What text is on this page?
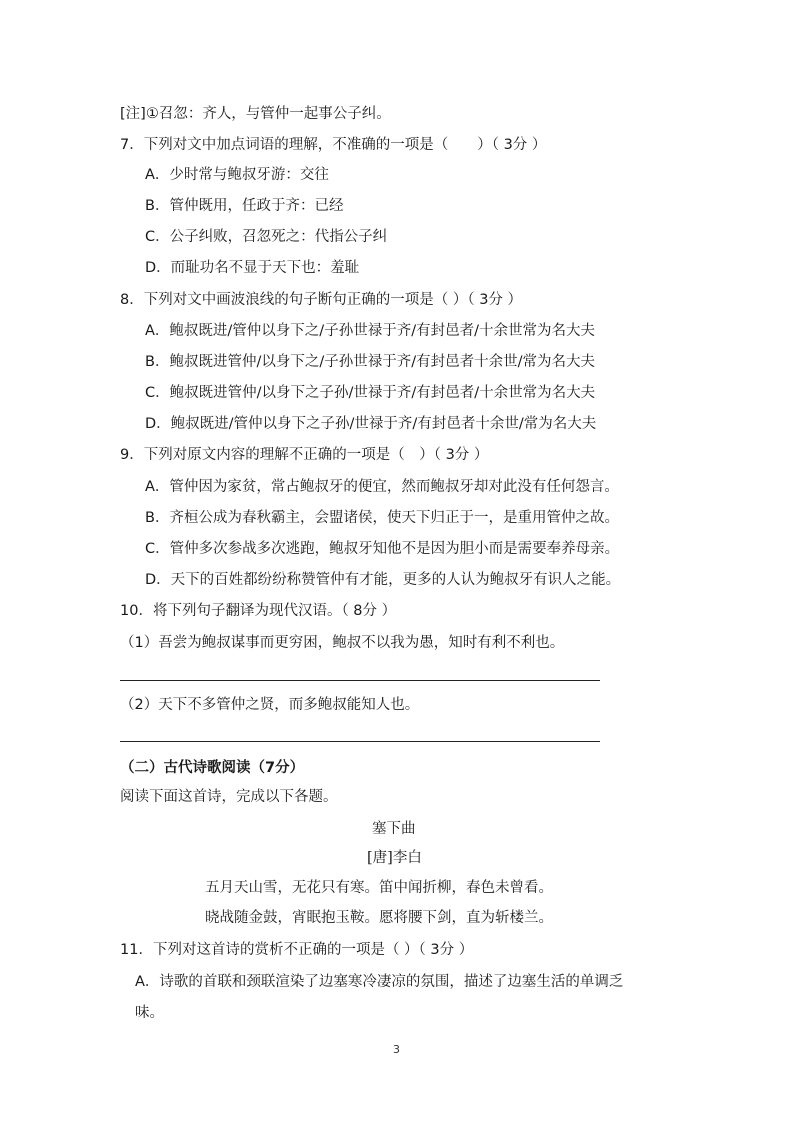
[注]①召忽：齐人，与管仲一起事公子纠。
7．下列对文中加点词语的理解，不准确的一项是（　　）（ 3分 ）
A．少时常与鲍叔牙游：交往
B．管仲既用，任政于齐：已经
C．公子纠败，召忽死之：代指公子纠
D．而耻功名不显于天下也：羞耻
8．下列对文中画波浪线的句子断句正确的一项是（ ）（ 3分 ）
A．鲍叔既进/管仲以身下之/子孙世禄于齐/有封邑者/十余世常为名大夫
B．鲍叔既进管仲/以身下之/子孙世禄于齐/有封邑者十余世/常为名大夫
C．鲍叔既进管仲/以身下之子孙/世禄于齐/有封邑者/十余世常为名大夫
D．鲍叔既进/管仲以身下之子孙/世禄于齐/有封邑者十余世/常为名大夫
9．下列对原文内容的理解不正确的一项是（　）（ 3分 ）
A．管仲因为家贫，常占鲍叔牙的便宜，然而鲍叔牙却对此没有任何怨言。
B．齐桓公成为春秋霸主，会盟诸侯，使天下归正于一，是重用管仲之故。
C．管仲多次参战多次逃跑，鲍叔牙知他不是因为胆小而是需要奉养母亲。
D．天下的百姓都纷纷称赞管仲有才能，更多的人认为鲍叔牙有识人之能。
10．将下列句子翻译为现代汉语。（ 8分 ）
（1）吾尝为鲍叔谋事而更穷困，鲍叔不以我为愚，知时有利不利也。
（2）天下不多管仲之贤，而多鲍叔能知人也。
（二）古代诗歌阅读（7分）
阅读下面这首诗，完成以下各题。
塞下曲
[唐]李白
五月天山雪，无花只有寒。笛中闻折柳，春色未曾看。
晓战随金鼓，宵眠抱玉鞍。愿将腰下剑，直为斩楼兰。
11．下列对这首诗的赏析不正确的一项是（ ）（ 3分 ）
A．诗歌的首联和颈联渲染了边塞寒冷凄凉的氛围，描述了边塞生活的单调乏
味。
3
